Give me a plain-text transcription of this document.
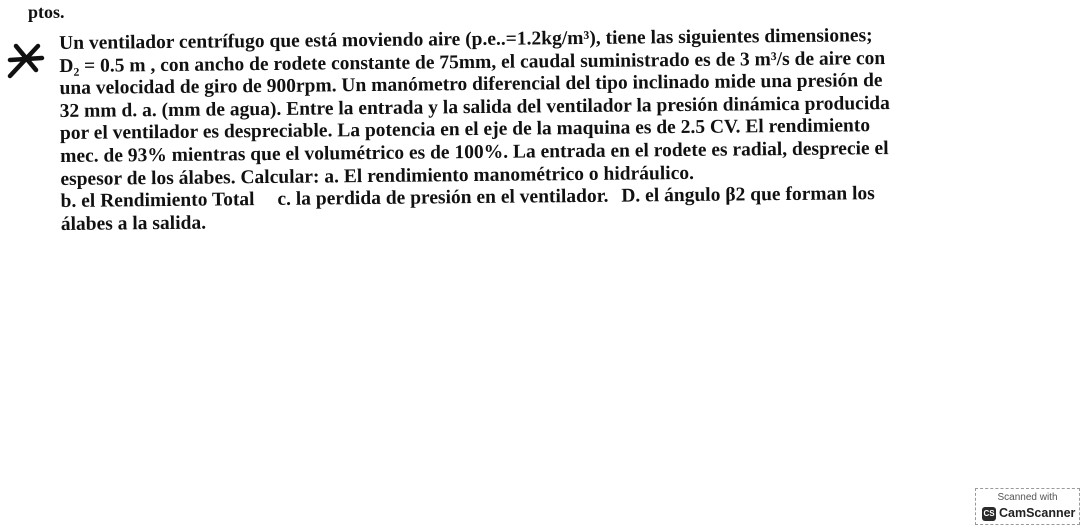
ptos.
Un ventilador centrífugo que está moviendo aire (p.e..=1.2kg/m³), tiene las siguientes dimensiones;
D₂ = 0.5 m , con ancho de rodete constante de 75mm, el caudal suministrado es de 3 m³/s de aire con
una velocidad de giro de 900rpm. Un manómetro diferencial del tipo inclinado mide una presión de
32 mm d. a. (mm de agua). Entre la entrada y la salida del ventilador la presión dinámica producida
por el ventilador es despreciable. La potencia en el eje de la maquina es de 2.5 CV. El rendimiento
mec. de 93% mientras que el volumétrico es de 100%. La entrada en el rodete es radial, desprecie el
espesor de los álabes. Calcular: a. El rendimiento manométrico o hidráulico.
b. el Rendimiento Total c. la perdida de presión en el ventilador. D. el ángulo β2 que forman los
álabes a la salida.
Scanned with
CS CamScanner
